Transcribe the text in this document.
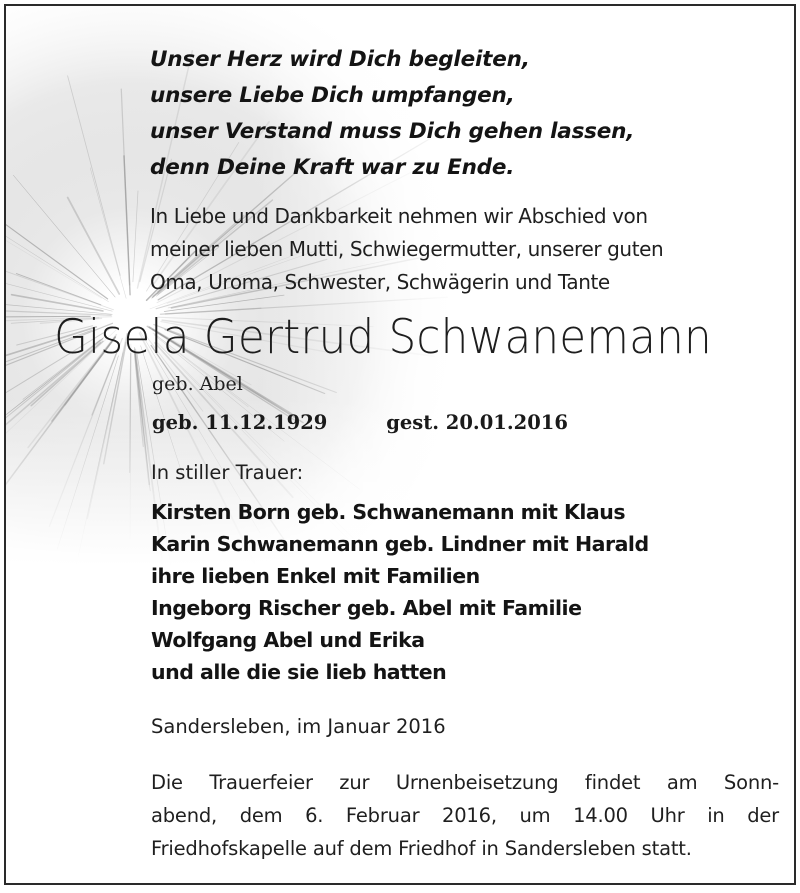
Unser Herz wird Dich begleiten,
unsere Liebe Dich umpfangen,
unser Verstand muss Dich gehen lassen,
denn Deine Kraft war zu Ende.
In Liebe und Dankbarkeit nehmen wir Abschied von
meiner lieben Mutti, Schwiegermutter, unserer guten
Oma, Uroma, Schwester, Schwägerin und Tante
Gisela Gertrud Schwanemann
geb. Abel
geb. 11.12.1929	gest. 20.01.2016
In stiller Trauer:
Kirsten Born geb. Schwanemann mit Klaus
Karin Schwanemann geb. Lindner mit Harald
ihre lieben Enkel mit Familien
Ingeborg Rischer geb. Abel mit Familie
Wolfgang Abel und Erika
und alle die sie lieb hatten
Sandersleben, im Januar 2016
Die Trauerfeier zur Urnenbeisetzung findet am Sonn-
abend, dem 6. Februar 2016, um 14.00 Uhr in der
Friedhofskapelle auf dem Friedhof in Sandersleben statt.
